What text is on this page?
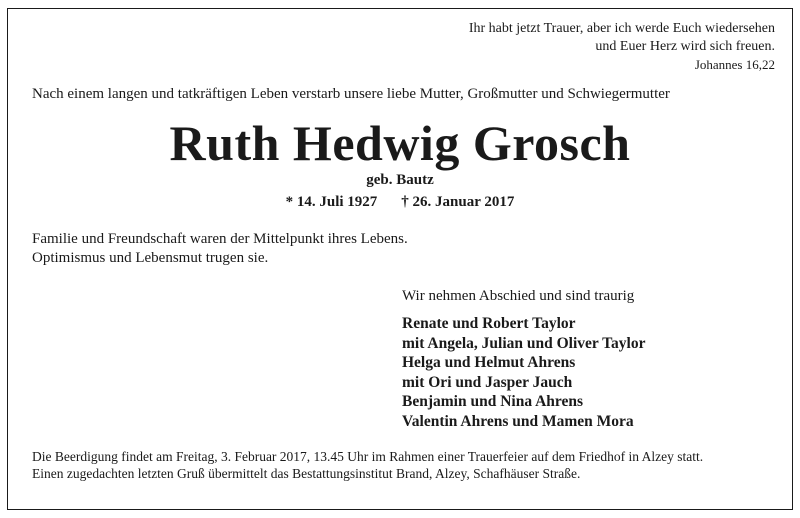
Ihr habt jetzt Trauer, aber ich werde Euch wiedersehen
und Euer Herz wird sich freuen.
Johannes 16,22
Nach einem langen und tatkräftigen Leben verstarb unsere liebe Mutter, Großmutter und Schwiegermutter
Ruth Hedwig Grosch
geb. Bautz
* 14. Juli 1927 † 26. Januar 2017
Familie und Freundschaft waren der Mittelpunkt ihres Lebens.
Optimismus und Lebensmut trugen sie.
Wir nehmen Abschied und sind traurig
Renate und Robert Taylor
mit Angela, Julian und Oliver Taylor
Helga und Helmut Ahrens
mit Ori und Jasper Jauch
Benjamin und Nina Ahrens
Valentin Ahrens und Mamen Mora
Die Beerdigung findet am Freitag, 3. Februar 2017, 13.45 Uhr im Rahmen einer Trauerfeier auf dem Friedhof in Alzey statt.
Einen zugedachten letzten Gruß übermittelt das Bestattungsinstitut Brand, Alzey, Schafhäuser Straße.
